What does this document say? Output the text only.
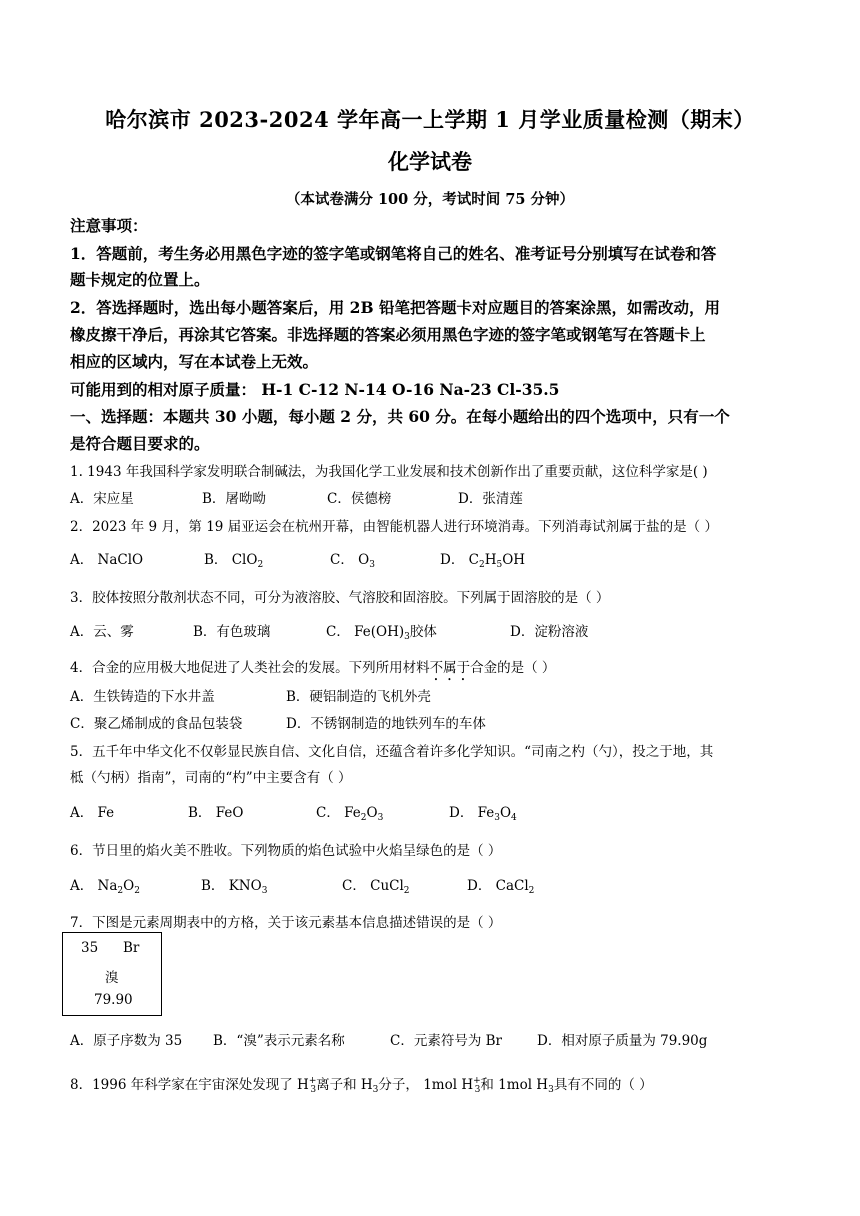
哈尔滨市 2023-2024 学年高一上学期 1 月学业质量检测（期末）
化学试卷
（本试卷满分 100 分，考试时间 75 分钟）
注意事项：
1．答题前，考生务必用黑色字迹的签字笔或钢笔将自己的姓名、准考证号分别填写在试卷和答
题卡规定的位置上。
2．答选择题时，选出每小题答案后，用 2B 铅笔把答题卡对应题目的答案涂黑，如需改动，用
橡皮擦干净后，再涂其它答案。非选择题的答案必须用黑色字迹的签字笔或钢笔写在答题卡上
相应的区域内，写在本试卷上无效。
可能用到的相对原子质量： H-1 C-12 N-14 O-16 Na-23 Cl-35.5
一、选择题：本题共 30 小题，每小题 2 分，共 60 分。在每小题给出的四个选项中，只有一个
是符合题目要求的。
1. 1943 年我国科学家发明联合制碱法，为我国化学工业发展和技术创新作出了重要贡献，这位科学家是( )
A．宋应星	B．屠呦呦	C．侯德榜	D．张清莲
2．2023 年 9 月，第 19 届亚运会在杭州开幕，由智能机器人进行环境消毒。下列消毒试剂属于盐的是（ ）
A． NaClO	B． ClO$_2$	C． $O_3$	D． $C_2H_5OH$
3．胶体按照分散剂状态不同，可分为液溶胶、气溶胶和固溶胶。下列属于固溶胶的是（ ）
A．云、雾	B．有色玻璃	C． $Fe(OH)_3$胶体	D．淀粉溶液
4．合金的应用极大地促进了人类社会的发展。下列所用材料不属于合金的是（ ）
A．生铁铸造的下水井盖	B．硬铝制造的飞机外壳
C．聚乙烯制成的食品包装袋	D．不锈钢制造的地铁列车的车体
5．五千年中华文化不仅彰显民族自信、文化自信，还蕴含着许多化学知识。“司南之杓（勺），投之于地，其
柢（勺柄）指南”，司南的“杓”中主要含有（ ）
A． Fe	B． FeO	C． $Fe_2O_3$	D． $Fe_3O_4$
6．节日里的焰火美不胜收。下列物质的焰色试验中火焰呈绿色的是（ ）
A． $Na_2O_2$	B． $KNO_3$	C． CuCl$_2$	D． CaCl$_2$
7．下图是元素周期表中的方格，关于该元素基本信息描述错误的是（ ）
35 Br
溴
79.90
A．原子序数为 35 B．“溴”表示元素名称	C．元素符号为 Br	D．相对原子质量为 79.90g
8．1996 年科学家在宇宙深处发现了 $H^+_3$离子和 $H_3$分子， 1mol $H^+_3$和 1mol $H_3$具有不同的（ ）
